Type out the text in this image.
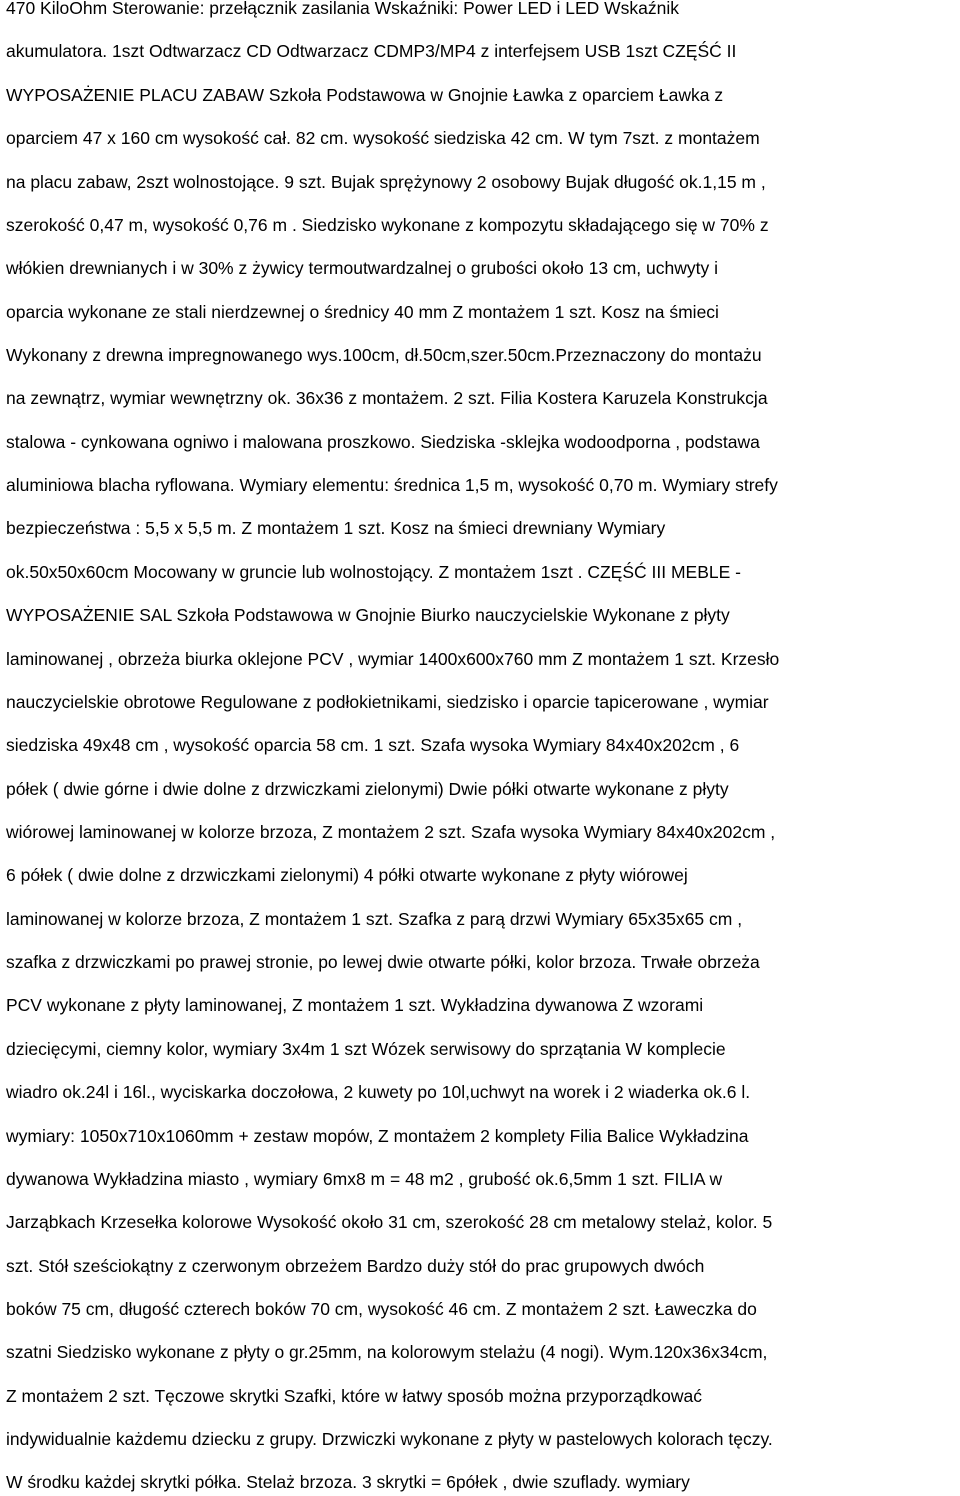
470 KiloOhm Sterowanie: przełącznik zasilania Wskaźniki: Power LED i LED Wskaźnik
akumulatora. 1szt Odtwarzacz CD Odtwarzacz CDMP3/MP4 z interfejsem USB 1szt CZĘŚĆ II
WYPOSAŻENIE PLACU ZABAW Szkoła Podstawowa w Gnojnie Ławka z oparciem Ławka z
oparciem 47 x 160 cm wysokość cał. 82 cm. wysokość siedziska 42 cm. W tym 7szt. z montażem
na placu zabaw, 2szt wolnostojące. 9 szt. Bujak sprężynowy 2 osobowy Bujak długość ok.1,15 m ,
szerokość 0,47 m, wysokość 0,76 m . Siedzisko wykonane z kompozytu składającego się w 70% z
włókien drewnianych i w 30% z żywicy termoutwardzalnej o grubości około 13 cm, uchwyty i
oparcia wykonane ze stali nierdzewnej o średnicy 40 mm Z montażem 1 szt. Kosz na śmieci
Wykonany z drewna impregnowanego wys.100cm, dł.50cm,szer.50cm.Przeznaczony do montażu
na zewnątrz, wymiar wewnętrzny ok. 36x36 z montażem. 2 szt. Filia Kostera Karuzela Konstrukcja
stalowa - cynkowana ogniwo i malowana proszkowo. Siedziska -sklejka wodoodporna , podstawa
aluminiowa blacha ryflowana. Wymiary elementu: średnica 1,5 m, wysokość 0,70 m. Wymiary strefy
bezpieczeństwa : 5,5 x 5,5 m. Z montażem 1 szt. Kosz na śmieci drewniany Wymiary
ok.50x50x60cm Mocowany w gruncie lub wolnostojący. Z montażem 1szt . CZĘŚĆ III MEBLE -
WYPOSAŻENIE SAL Szkoła Podstawowa w Gnojnie Biurko nauczycielskie Wykonane z płyty
laminowanej , obrzeża biurka oklejone PCV , wymiar 1400x600x760 mm Z montażem 1 szt. Krzesło
nauczycielskie obrotowe Regulowane z podłokietnikami, siedzisko i oparcie tapicerowane , wymiar
siedziska 49x48 cm , wysokość oparcia 58 cm. 1 szt. Szafa wysoka Wymiary 84x40x202cm , 6
półek ( dwie górne i dwie dolne z drzwiczkami zielonymi) Dwie półki otwarte wykonane z płyty
wiórowej laminowanej w kolorze brzoza, Z montażem 2 szt. Szafa wysoka Wymiary 84x40x202cm ,
6 półek ( dwie dolne z drzwiczkami zielonymi) 4 półki otwarte wykonane z płyty wiórowej
laminowanej w kolorze brzoza, Z montażem 1 szt. Szafka z parą drzwi Wymiary 65x35x65 cm ,
szafka z drzwiczkami po prawej stronie, po lewej dwie otwarte półki, kolor brzoza. Trwałe obrzeża
PCV wykonane z płyty laminowanej, Z montażem 1 szt. Wykładzina dywanowa Z wzorami
dziecięcymi, ciemny kolor, wymiary 3x4m 1 szt Wózek serwisowy do sprzątania W komplecie
wiadro ok.24l i 16l., wyciskarka doczołowa, 2 kuwety po 10l,uchwyt na worek i 2 wiaderka ok.6 l.
wymiary: 1050x710x1060mm + zestaw mopów, Z montażem 2 komplety Filia Balice Wykładzina
dywanowa Wykładzina miasto , wymiary 6mx8 m = 48 m2 , grubość ok.6,5mm 1 szt. FILIA w
Jarząbkach Krzesełka kolorowe Wysokość około 31 cm, szerokość 28 cm metalowy stelaż, kolor. 5
szt. Stół sześciokątny z czerwonym obrzeżem Bardzo duży stół do prac grupowych dwóch
boków 75 cm, długość czterech boków 70 cm, wysokość 46 cm. Z montażem 2 szt. Ławeczka do
szatni Siedzisko wykonane z płyty o gr.25mm, na kolorowym stelażu (4 nogi). Wym.120x36x34cm,
Z montażem 2 szt. Tęczowe skrytki Szafki, które w łatwy sposób można przyporządkować
indywidualnie każdemu dziecku z grupy. Drzwiczki wykonane z płyty w pastelowych kolorach tęczy.
W środku każdej skrytki półka. Stelaż brzoza. 3 skrytki = 6półek , dwie szuflady. wymiary
